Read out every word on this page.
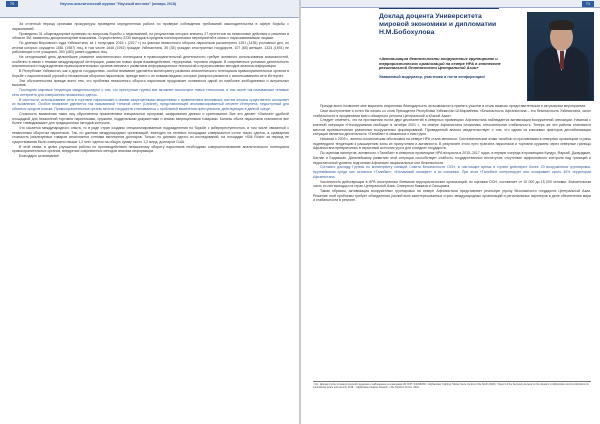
70	Научно-аналитический журнал "Научный вестник" (январь 2018)

За отчетный период органами прокуратуры проведена определенная работа по проверке соблюдения требований законодательства в сфере борьбы с наркоманией.

Проведены 31 общенадзорные проверки по вопросам борьбы с наркоманией, по результатам которых внесено 27 протестов на незаконные действия и решения в области ЗМ, выявлены дисциплинарные взыскания. Осуществлено 2230 выездов в среднем мониторинговых мероприятий в связи с наркозависимыми лицами.

По данным Верховного суда Узбекистана, за 1 полугодие 2018 г. (2017 г.) по фактам незаконного оборота наркотиков рассмотрено 1251 (1435) уголовных дел, по итогам которых осуждено 1681 (1987) лиц, в том числе 1646 (1952) граждан Узбекистана, 35 (35) граждан иностранных государств, 107 (85) женщин, 1324 (1591) не работающих и не учащихся, 390 (483) ранее судимых лиц.

На сегодняшний день дальнейшее развитие аналитического потенциала в правоохранительной деятельности требует активного использования возможностей, особенно в связи с темами международной интеграции, развития новых форм взаимодействия, терроризма, торговли людьми. В современных условиях деятельность аналитического подразделения правоохранительных органов связана с развитием информационных технологий и прогрессивных методов анализа информации.

В Республике Узбекистан, как и других государствах, особое внимание уделяется мониторингу развития аналитического потенциала правоохранительных органов в борьбе с наркотической угрозой и незаконным оборотом наркотиков, прежде всего с их новыми видами, которые распространяются с использованием сети Интернет.

Эти обстоятельства прежде всего тем, что проблема незаконного оборота наркотиков продолжает оставаться одной из наиболее злободневных и актуальных вызовов.

Последние мировые тенденции свидетельствуют о том, что преступные группы все активнее используют новые технологии, в том числе так называемые теневые сети интернета для совершения незаконных сделок.

В частности, использование сети в торговле наркотиками и иными запрещенными веществами с применением анонимных систем оплаты существенно осложняет их выявление. Особое внимание уделяется так называемой «темной сети» (Darknet), представляющей анонимизированный сегмент Интернета, недоступный для обычных средств поиска. Правоохранительные органы многих государств сталкиваются с проблемой выявления преступников, действующих в данной среде.

Сложность выявления таких лиц обусловлена применением специальных программ, шифрования данных и криптовалют. Все это делает «Darknet» удобной площадкой для незаконной торговли наркотиками, оружием, поддельными документами и иными запрещенными товарами. Каналы сбыта наркотиков становятся все более «невидимыми» для традиционных методов контроля.

Что касается международного опыта, то в ряде стран созданы специализированные подразделения по борьбе с киберпреступностью, в том числе связанной с незаконным оборотом наркотиков. Так, по данным международных организаций, ежегодно на теневых площадках совершаются сотни тысяч сделок, а суммарная стоимость реализуемых товаров исчисляется сотнями миллионов долларов. Только по данным одного из исследований, на площадке «Silk Road» за период ее существования было совершено свыше 1,2 млн. сделок на общую сумму около 1,2 млрд. долларов США.

В этой связи, в целях улучшения работы по противодействию незаконному обороту наркотиков необходимо совершенствование аналитического потенциала правоохранительных органов, внедрение современных методов анализа информации.

Благодарю за внимание!

71
Доклад доцента Университета мировой экономики и дипломатии Н.М.Бобохулова
«Активизация деятельности вооруженных группировок и террористических организаций на севере НРА в контексте региональной безопасности Центральной Азии»
Уважаемый модератор, участники и гости конференции!

Прежде всего позвольте мне выразить искреннюю благодарность за возможность принять участие в столь важном, представительном и актуальном мероприятии.

Свое выступление я хотел бы начать со слов Президента Республики Узбекистан Ш.Мирзиёева: «Безопасность Афганистана – это безопасность Узбекистана, залог стабильности и процветания всего обширного региона Центральной и Южной Азии».

Следует отметить, что на протяжении почти двух десятилетий в северных провинциях Афганистана наблюдается активизация вооруженной оппозиции. Начиная с военной операции «Несокрушимая свобода» в октябре 2001 г., на севере Афганистана сложилась относительная стабильность. Теперь же эти районы становятся местом противостояния различных вооруженных формирований. Проведенный анализ свидетельствует о том, что одним из ключевых факторов дестабилизации ситуации является деятельность «Талибан» и связанных с ним групп.

Начиная с 2009 г., военно-политическая обстановка на севере НРА стала меняться. Систематические атаки талибов по противникам в северных провинциях страны подтвердили тенденцию к расширению зоны их присутствия и активности. В результате этого пути транзита наркотиков и торговли оружием через северные границы Афганистана превратились в серьезный источник угроз для соседних государств.

По оценкам экспертов, активность «Талибан» в северных провинциях НРА возросла в 2015–2017 годах, в первую очередь в провинциях Кундуз, Фарьяб, Джаузджан, Баглан и Бадахшан. Дальнейшему развитию этой ситуации способствует слабость государственных институтов, отсутствие эффективного контроля над границей и недостаточный уровень подготовки Афганских национальных сил безопасности.

Согласно докладу Группы по мониторингу санкций Совета Безопасности ООН, в настоящее время в стране действуют более 20 вооруженных группировок. Крупнейшими среди них остаются «Талибан», «Исламский халифат» и их союзники. При этом «Талибан» контролирует или оспаривает около 40% территории Афганистана.

Численность действующих в НРА иностранных боевиков террористических организаций, по оценкам ООН, составляет от 10 000 до 15 000 человек. Значительная часть из них выходцы из стран Центральной Азии, Северного Кавказа и Синьцзяна.

Таким образом, активизация вооруженных группировок на севере Афганистана представляет реальную угрозу безопасности государств Центральной Азии. Решение этой проблемы требует объединения усилий всех заинтересованных стран, международных организаций и региональных партнеров в деле обеспечения мира и стабильности в регионе.

¹ См.: Доклад группы по аналитической поддержке и наблюдению за санкциями СБ ООН, S/2018/466. ² Afghanistan: Fighting, Taliban Seize Control of the North (2018). ³ Report of the Secretary-General on the situation in Afghanistan and its implications for international peace and security, 2018. ⁴ Afghanistan Analysts Network, «The Northern Front», 2018.
